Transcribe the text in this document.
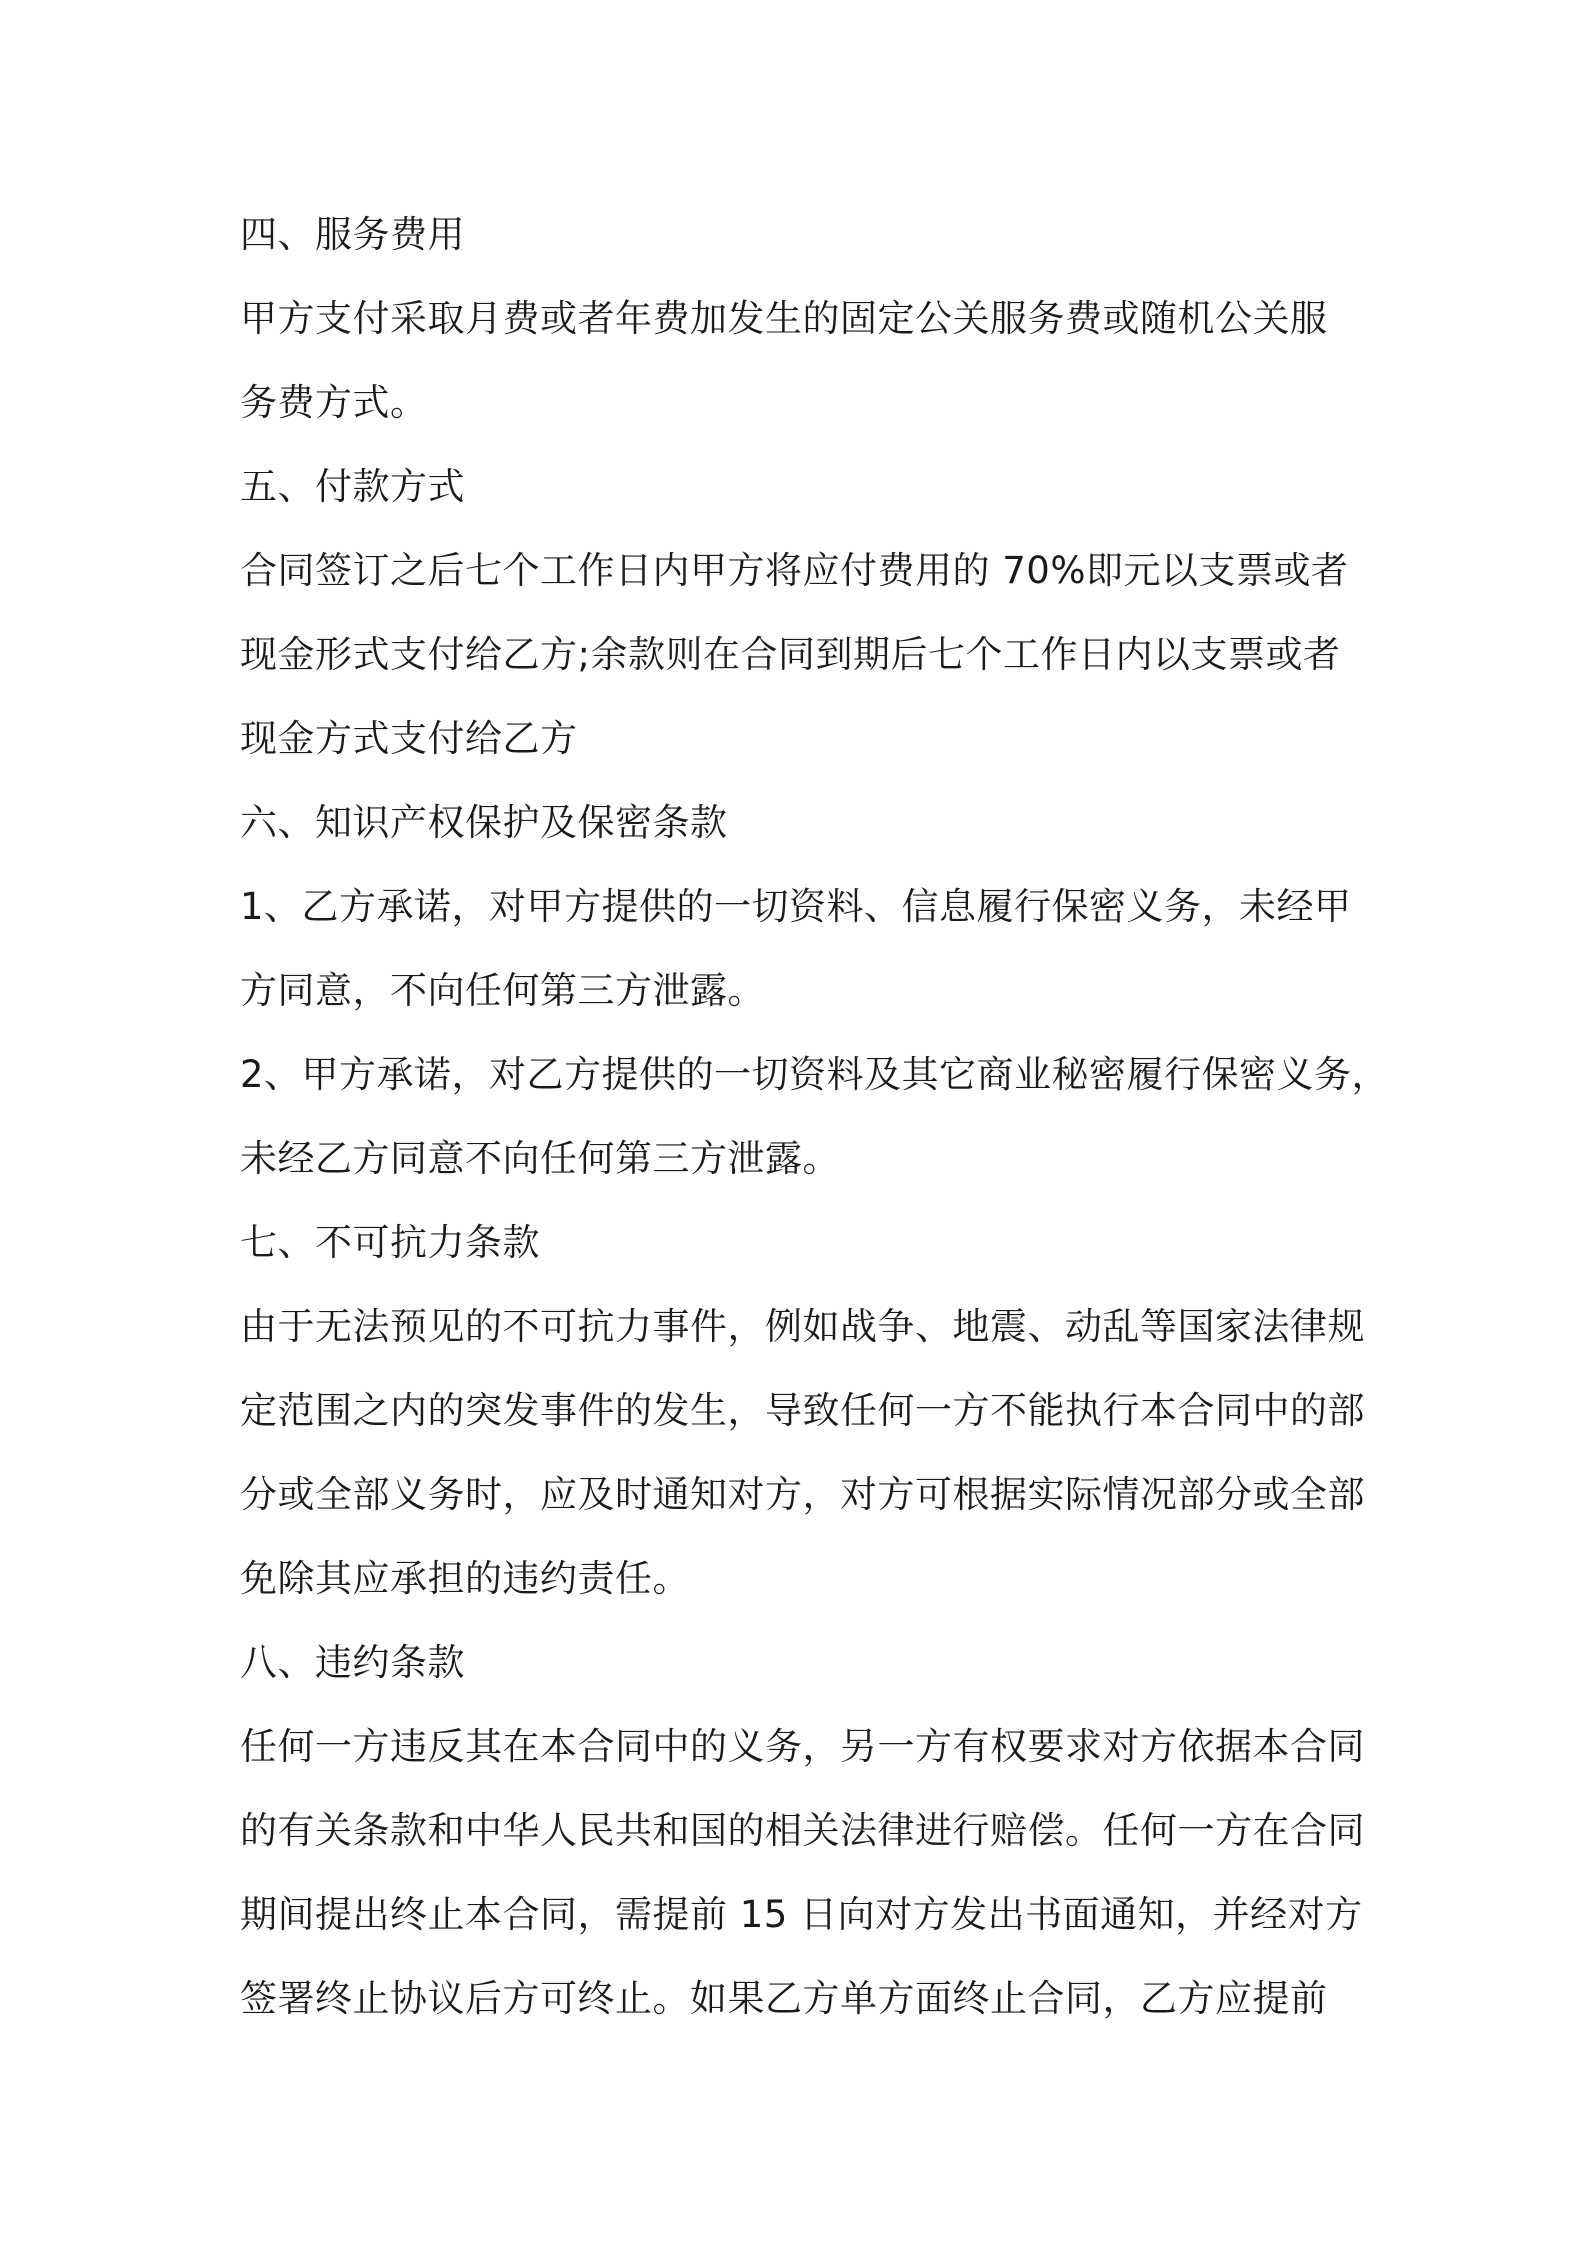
四、服务费用
甲方支付采取月费或者年费加发生的固定公关服务费或随机公关服
务费方式。
五、付款方式
合同签订之后七个工作日内甲方将应付费用的 70%即元以支票或者
现金形式支付给乙方;余款则在合同到期后七个工作日内以支票或者
现金方式支付给乙方
六、知识产权保护及保密条款
1、乙方承诺，对甲方提供的一切资料、信息履行保密义务，未经甲
方同意，不向任何第三方泄露。
2、甲方承诺，对乙方提供的一切资料及其它商业秘密履行保密义务，
未经乙方同意不向任何第三方泄露。
七、不可抗力条款
由于无法预见的不可抗力事件，例如战争、地震、动乱等国家法律规
定范围之内的突发事件的发生，导致任何一方不能执行本合同中的部
分或全部义务时，应及时通知对方，对方可根据实际情况部分或全部
免除其应承担的违约责任。
八、违约条款
任何一方违反其在本合同中的义务，另一方有权要求对方依据本合同
的有关条款和中华人民共和国的相关法律进行赔偿。任何一方在合同
期间提出终止本合同，需提前 15 日向对方发出书面通知，并经对方
签署终止协议后方可终止。如果乙方单方面终止合同，乙方应提前
